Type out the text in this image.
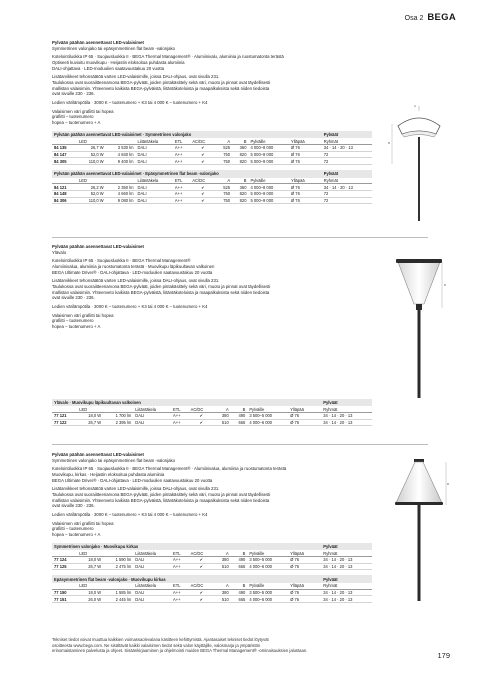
Osa 2 BEGA
Pylvään päähän asennettavat LED-valaisimet
Symmetrinen valonjako tai epäsymmetrinen flat beam -valonjako
Kotelointiluokka IP 65 · Suojausluokka II · BEGA Thermal Management® · Alumiinivalu, alumiinia ja ruostumatonta terästä
Optiseeti kuvioitu muovikupu · Heijastin eloksoitua puhdasta alumiinia
DALI-ohjattava · LED-moduulien saatavuustakuu 20 vuotta
Lisätarvikkeet tehonsäätöä varten LED-valaisimille, joissa DALI-ohjaus, ovat sivulla 231.
Taulukossa ovat suoraiitteenarvona BEGA-pylväät, joiden pintakäsittely sekä väri, muoto ja pinnat ovat täydellisesti
mallistan valaisimiin. Yhteenveto kaikista BEGA-pylväistä, liitäntäkoteloista ja maapalkuksista sekä niiden tiedoista
ovat sivuille 230 · 236.
Ledien värilämpötila · 3000 K – tuotenumero + K3 tai 4 000 K – tuotenumero + K4
Valaisimen väri grafiitti tai hopea
grafiitti – tuotenumero
hopea – tuotenumero + A
Pylvään päähän asennettavat LED-valaisimet · Symmetrinen valonjako											Pylväät
	LED		Liitäntäkela	ETL	AC/DC	A	B	Pylväille	Ylläpää		Ryhmät
84 135	26,7 W	3 530 lm	DALI	A++	✔	525	360	4 000–8 000	Ø 76		34 · 14 · 20 · 13
84 147	52,0 W	4 840 lm	DALI	A++	✔	750	820	5 000–9 000	Ø 76		72
84 305	110,0 W	9 400 lm	DALI	A++	✔	750	820	5 000–9 000	Ø 76		72
Pylvään päähän asennettavat LED-valaisimet · Epäsymmetrinen flat beam -valonjako											Pylväät
	LED		Liitäntäkela	ETL	AC/DC	A	B	Pylväille	Ylläpää		Ryhmät
84 121	26,2 W	2 350 lm	DALI	A++	✔	525	360	4 000–8 000	Ø 76		34 · 14 · 20 · 13
84 148	52,0 W	4 660 lm	DALI	A++	✔	750	820	5 000–9 000	Ø 76		72
84 306	110,0 W	9 080 lm	DALI	A++	✔	750	820	5 000–9 000	Ø 76		72
A
B
Pylvään päähän asennettavat LED-valaisimet
Ylävalo
Kotelointiluokka IP 65 · Suojausluokka II · BEGA Thermal Management®
Alumiinivalua, alumiinia ja ruostumatonta terästä · Muovikupu läpikuultavan valkoinen
BEGA Ultimate Driver® · DALI-ohjattava · LED-moduulien saatavuustakuu 20 vuotta
Lisätarvikkeet tehonsäätöä varten LED-valaisimille, joissa DALI-ohjaus, ovat sivulla 231.
Taulukossa ovat suoraiitteenarvona BEGA-pylväät, joiden pintakäsittely sekä väri, muoto ja pinnat ovat täydellisesti
mallistan valaisimiin. Yhteenveto kaikista BEGA-pylväistä, liitäntäkoteloista ja maapalkuksista sekä niiden tiedoista
ovat sivuille 230 · 236.
Ledien värilämpötila · 3000 K – tuotenumero + K3 tai 4 000 K – tuotenumero + K4
Valaisimen väri grafiitti tai hopea
grafiitti – tuotenumero
hopea – tuotenumero + A
Ylävalo · Muovikupu läpikuultavan valkoinen											Pylväät
	LED		Liitäntäkela	ETL	AC/DC	A	B	Pylväille	Ylläpää		Ryhmät
77 121	18,0 W	1 700 lm	DALI	A++	✔	380	490	3 500–5 000	Ø 76		34 · 14 · 20 · 13
77 122	26,7 W	2 395 lm	DALI	A++	✔	510	665	4 000–6 000	Ø 76		34 · 14 · 20 · 13
B
Pylvään päähän asennettavat LED-valaisimet
Symmetrinen valonjako tai epäsymmetrinen flat beam -valonjako
Kotelointiluokka IP 65 · Suojausluokka II · BEGA Thermal Management® · Alumiinivalua, alumiinia ja ruostumatonta terästä
Muovikupu, kirkas · Heijastin eloksoitua puhdasta alumiinia
BEGA Ultimate Driver® · DALI-ohjattava · LED-moduulien saatavuustakuu 20 vuotta
Lisätarvikkeet tehonsäätöä varten LED-valaisimille, joissa DALI-ohjaus, ovat sivulla 231.
Taulukossa ovat suoraiitteenarvona BEGA-pylväät, joiden pintakäsittely sekä väri, muoto ja pinnat ovat täydellisesti
mallistan valaisimiin. Yhteenveto kaikista BEGA-pylväistä, liitäntäkoteloista ja maapalkuksista sekä niiden tiedoista
ovat sivuille 230 · 236.
Ledien värilämpötila · 3000 K – tuotenumero + K3 tai 4 000 K – tuotenumero + K4
Valaisimen väri grafiitti tai hopea
grafiitti – tuotenumero
hopea – tuotenumero + A
Symmetrinen valonjako · Muovikupu kirkas											Pylväät
	LED		Liitäntäkela	ETL	AC/DC	A	B	Pylväille	Ylläpää		Ryhmät
77 124	18,0 W	1 590 lm	DALI	A++	✔	380	490	3 500–5 000	Ø 76		34 · 14 · 20 · 13
77 125	26,7 W	2 475 lm	DALI	A++	✔	510	665	4 000–6 000	Ø 76		34 · 14 · 20 · 13
Epäsymmetrinen flat beam -valonjako · Muovikupu kirkas											Pylväät
	LED		Liitäntäkela	ETL	AC/DC	A	B	Pylväille	Ylläpää		Ryhmät
77 150	18,0 W	1 585 lm	DALI	A++	✔	380	490	3 500–5 000	Ø 76		34 · 14 · 20 · 13
77 151	26,0 W	2 445 lm	DALI	A++	✔	510	665	4 000–6 000	Ø 76		34 · 14 · 20 · 13
B
Tekniset tiedot voivat muuttua kaikkien voimassaolevalana käsitteen kehittymistä. Ajantasaiset tekniset tiedot löytyvät
osoitteesta www.bega.com. Ne sisältävät kaikki valaisimen tiedot sekä valon käyttäjille, valosmarja ja ympäristön
erinomaistaminen palvelusta ja ohjeet. Sisäänkirjaaminen ja ohjelmointi muiden BEGA Thermal Management® -ominaisuuksien jalustaan.
179
